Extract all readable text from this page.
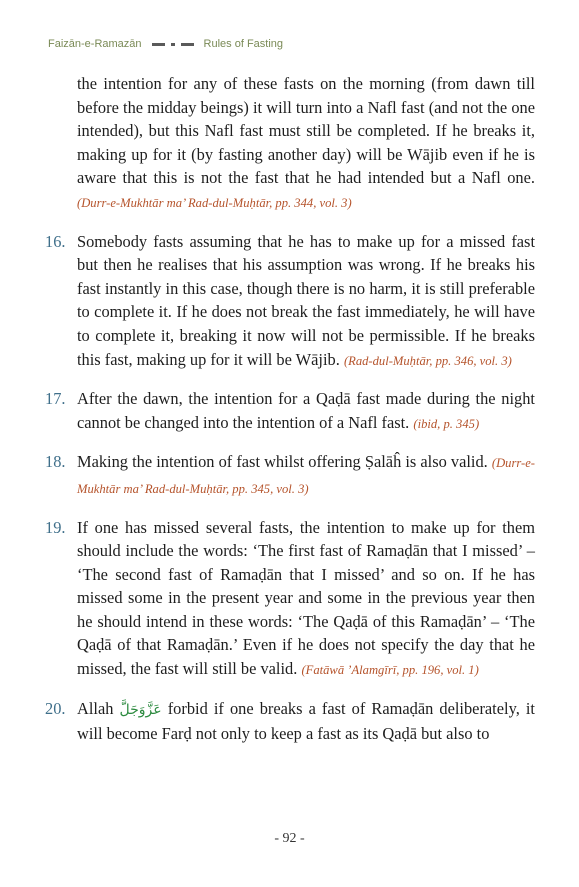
Faizān-e-Ramazān	Rules of Fasting

the intention for any of these fasts on the morning (from dawn till before the midday beings) it will turn into a Nafl fast (and not the one intended), but this Nafl fast must still be completed. If he breaks it, making up for it (by fasting another day) will be Wājib even if he is aware that this is not the fast that he had intended but a Nafl one. (Durr-e-Mukhtār ma’ Rad-dul-Muḥtār, pp. 344, vol. 3)

16. Somebody fasts assuming that he has to make up for a missed fast but then he realises that his assumption was wrong. If he breaks his fast instantly in this case, though there is no harm, it is still preferable to complete it. If he does not break the fast immediately, he will have to complete it, breaking it now will not be permissible. If he breaks this fast, making up for it will be Wājib. (Rad-dul-Muḥtār, pp. 346, vol. 3)
17. After the dawn, the intention for a Qaḍā fast made during the night cannot be changed into the intention of a Nafl fast. (ibid, p. 345)
18. Making the intention of fast whilst offering Ṣalāĥ is also valid. (Durr-e-Mukhtār ma’ Rad-dul-Muḥtār, pp. 345, vol. 3)
19. If one has missed several fasts, the intention to make up for them should include the words: ‘The first fast of Ramaḍān that I missed’ – ‘The second fast of Ramaḍān that I missed’ and so on. If he has missed some in the present year and some in the previous year then he should intend in these words: ‘The Qaḍā of this Ramaḍān’ – ‘The Qaḍā of that Ramaḍān.’ Even if he does not specify the day that he missed, the fast will still be valid. (Fatāwā ’Alamgīrī, pp. 196, vol. 1)
20. Allah عَزَّوَجَلَّ forbid if one breaks a fast of Ramaḍān deliberately, it will become Farḍ not only to keep a fast as its Qaḍā but also to
- 92 -
